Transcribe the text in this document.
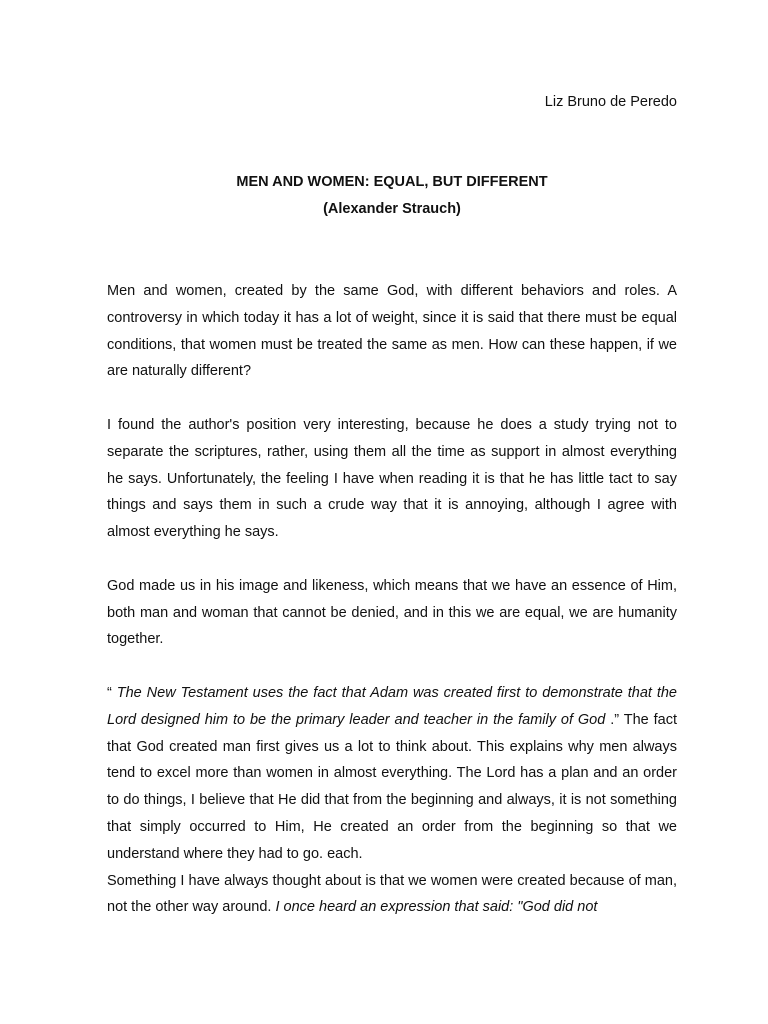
Liz Bruno de Peredo

MEN AND WOMEN: EQUAL, BUT DIFFERENT

(Alexander Strauch)

Men and women, created by the same God, with different behaviors and roles. A controversy in which today it has a lot of weight, since it is said that there must be equal conditions, that women must be treated the same as men. How can these happen, if we are naturally different?

I found the author's position very interesting, because he does a study trying not to separate the scriptures, rather, using them all the time as support in almost everything he says. Unfortunately, the feeling I have when reading it is that he has little tact to say things and says them in such a crude way that it is annoying, although I agree with almost everything he says.

God made us in his image and likeness, which means that we have an essence of Him, both man and woman that cannot be denied, and in this we are equal, we are humanity together.

“ The New Testament uses the fact that Adam was created first to demonstrate that the Lord designed him to be the primary leader and teacher in the family of God .” The fact that God created man first gives us a lot to think about. This explains why men always tend to excel more than women in almost everything. The Lord has a plan and an order to do things, I believe that He did that from the beginning and always, it is not something that simply occurred to Him, He created an order from the beginning so that we understand where they had to go. each.

Something I have always thought about is that we women were created because of man, not the other way around. I once heard an expression that said: "God did not
